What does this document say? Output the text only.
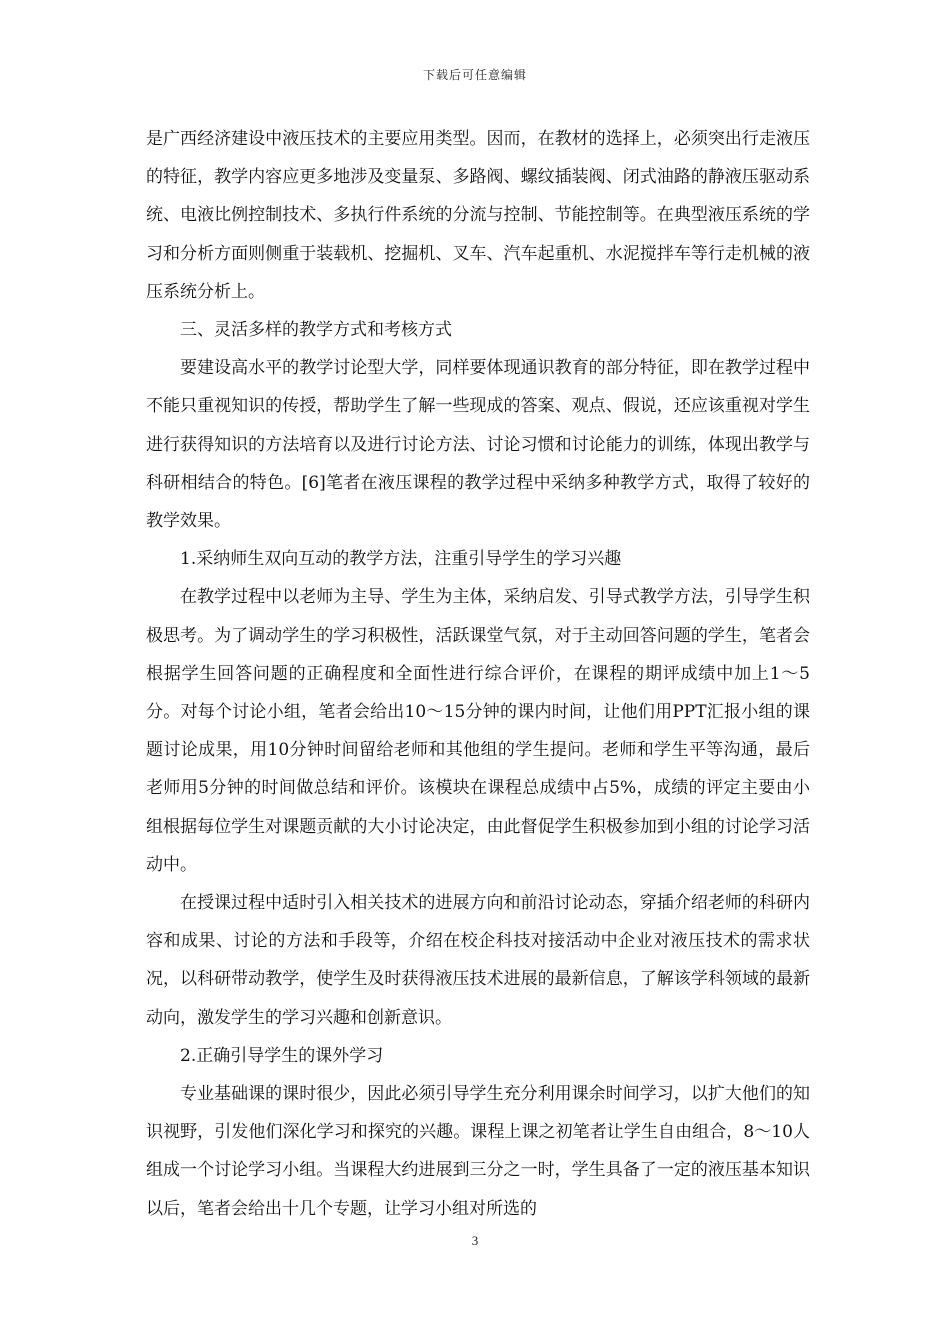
下载后可任意编辑

是广西经济建设中液压技术的主要应用类型。因而，在教材的选择上，必须突出行走液压的特征，教学内容应更多地涉及变量泵、多路阀、螺纹插装阀、闭式油路的静液压驱动系统、电液比例控制技术、多执行件系统的分流与控制、节能控制等。在典型液压系统的学习和分析方面则侧重于装载机、挖掘机、叉车、汽车起重机、水泥搅拌车等行走机械的液压系统分析上。

三、灵活多样的教学方式和考核方式

要建设高水平的教学讨论型大学，同样要体现通识教育的部分特征，即在教学过程中不能只重视知识的传授，帮助学生了解一些现成的答案、观点、假说，还应该重视对学生进行获得知识的方法培育以及进行讨论方法、讨论习惯和讨论能力的训练，体现出教学与科研相结合的特色。[6]笔者在液压课程的教学过程中采纳多种教学方式，取得了较好的教学效果。

1.采纳师生双向互动的教学方法，注重引导学生的学习兴趣

在教学过程中以老师为主导、学生为主体，采纳启发、引导式教学方法，引导学生积极思考。为了调动学生的学习积极性，活跃课堂气氛，对于主动回答问题的学生，笔者会根据学生回答问题的正确程度和全面性进行综合评价，在课程的期评成绩中加上1～5分。对每个讨论小组，笔者会给出10～15分钟的课内时间，让他们用PPT汇报小组的课题讨论成果，用10分钟时间留给老师和其他组的学生提问。老师和学生平等沟通，最后老师用5分钟的时间做总结和评价。该模块在课程总成绩中占5%，成绩的评定主要由小组根据每位学生对课题贡献的大小讨论决定，由此督促学生积极参加到小组的讨论学习活动中。

在授课过程中适时引入相关技术的进展方向和前沿讨论动态，穿插介绍老师的科研内容和成果、讨论的方法和手段等，介绍在校企科技对接活动中企业对液压技术的需求状况，以科研带动教学，使学生及时获得液压技术进展的最新信息，了解该学科领域的最新动向，激发学生的学习兴趣和创新意识。

2.正确引导学生的课外学习

专业基础课的课时很少，因此必须引导学生充分利用课余时间学习，以扩大他们的知识视野，引发他们深化学习和探究的兴趣。课程上课之初笔者让学生自由组合，8～10人组成一个讨论学习小组。当课程大约进展到三分之一时，学生具备了一定的液压基本知识以后，笔者会给出十几个专题，让学习小组对所选的

3
